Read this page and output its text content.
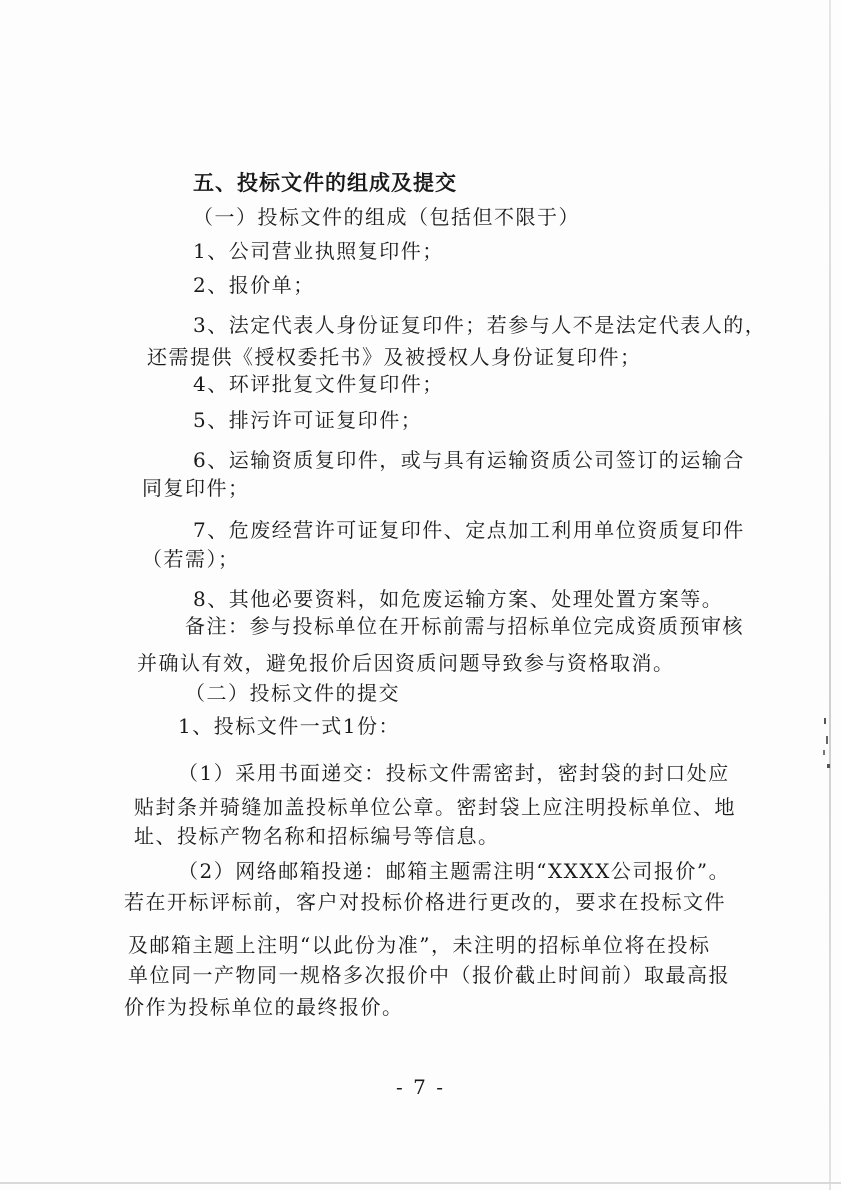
五、投标文件的组成及提交
（一）投标文件的组成（包括但不限于）
1、公司营业执照复印件；
2、报价单；
3、法定代表人身份证复印件；若参与人不是法定代表人的，
还需提供《授权委托书》及被授权人身份证复印件；
4、环评批复文件复印件；
5、排污许可证复印件；
6、运输资质复印件，或与具有运输资质公司签订的运输合
同复印件；
7、危废经营许可证复印件、定点加工利用单位资质复印件
（若需）；
8、其他必要资料，如危废运输方案、处理处置方案等。
备注：参与投标单位在开标前需与招标单位完成资质预审核
并确认有效，避免报价后因资质问题导致参与资格取消。
（二）投标文件的提交
1、投标文件一式1份：
（1）采用书面递交：投标文件需密封，密封袋的封口处应
贴封条并骑缝加盖投标单位公章。密封袋上应注明投标单位、地
址、投标产物名称和招标编号等信息。
（2）网络邮箱投递：邮箱主题需注明“XXXX公司报价”。
若在开标评标前，客户对投标价格进行更改的，要求在投标文件
及邮箱主题上注明“以此份为准”，未注明的招标单位将在投标
单位同一产物同一规格多次报价中（报价截止时间前）取最高报
价作为投标单位的最终报价。
- 7 -
